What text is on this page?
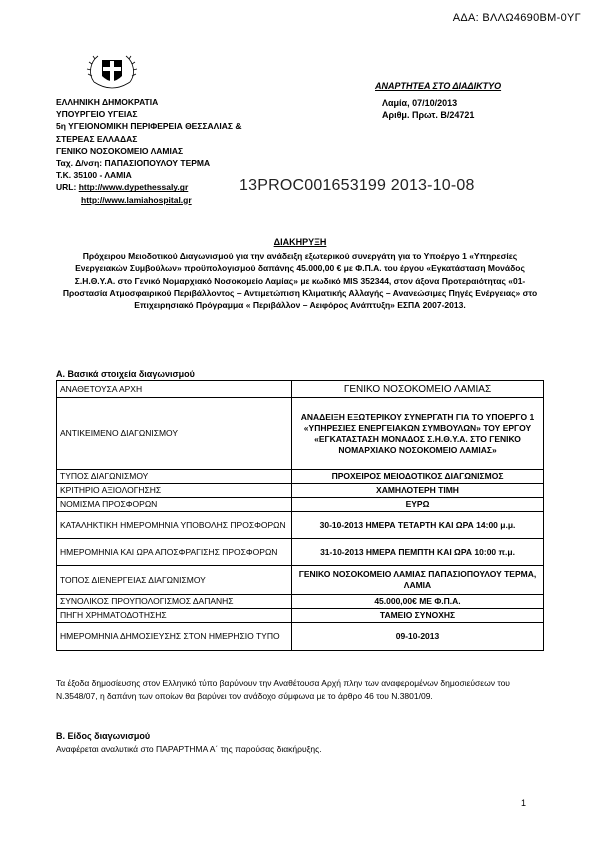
ΑΔΑ: ΒΛΛΩ4690ΒΜ-0ΥΓ
ΑΝΑΡΤΗΤΕΑ ΣΤΟ ΔΙΑΔΙΚΤΥΟ
Λαμία, 07/10/2013
Αριθμ. Πρωτ. Β/24721
ΕΛΛΗΝΙΚΗ ΔΗΜΟΚΡΑΤΙΑ
ΥΠΟΥΡΓΕΙΟ ΥΓΕΙΑΣ
5η ΥΓΕΙΟΝΟΜΙΚΗ ΠΕΡΙΦΕΡΕΙΑ ΘΕΣΣΑΛΙΑΣ &
ΣΤΕΡΕΑΣ ΕΛΛΑΔΑΣ
ΓΕΝΙΚΟ ΝΟΣΟΚΟΜΕΙΟ ΛΑΜΙΑΣ
Ταχ. Δ/νση: ΠΑΠΑΣΙΟΠΟΥΛΟΥ ΤΕΡΜΑ
Τ.Κ. 35100 - ΛΑΜΙΑ
URL: http://www.dypethessaly.gr
http://www.lamiahospital.gr
13PROC001653199 2013-10-08
ΔΙΑΚΗΡΥΞΗ
Πρόχειρου Μειοδοτικού Διαγωνισμού για την ανάδειξη εξωτερικού συνεργάτη για το Υποέργο 1 «Υπηρεσίες Ενεργειακών Συμβούλων» προϋπολογισμού δαπάνης 45.000,00 € με Φ.Π.Α. του έργου «Εγκατάσταση Μονάδος Σ.Η.Θ.Υ.Α. στο Γενικό Νομαρχιακό Νοσοκομείο Λαμίας» με κωδικό MIS 352344, στον άξονα Προτεραιότητας «01-Προστασία Ατμοσφαιρικού Περιβάλλοντος – Αντιμετώπιση Κλιματικής Αλλαγής – Ανανεώσιμες Πηγές Ενέργειας» στο Επιχειρησιακό Πρόγραμμα « Περιβάλλον – Αειφόρος Ανάπτυξη» ΕΣΠΑ 2007-2013.
Α. Βασικά στοιχεία διαγωνισμού
ΑΝΑΘΕΤΟΥΣΑ ΑΡΧΗ	ΓΕΝΙΚΟ ΝΟΣΟΚΟΜΕΙΟ ΛΑΜΙΑΣ
ΑΝΤΙΚΕΙΜΕΝΟ ΔΙΑΓΩΝΙΣΜΟΥ	ΑΝΑΔΕΙΞΗ ΕΞΩΤΕΡΙΚΟΥ ΣΥΝΕΡΓΑΤΗ ΓΙΑ ΤΟ ΥΠΟΕΡΓΟ 1 «ΥΠΗΡΕΣΙΕΣ ΕΝΕΡΓΕΙΑΚΩΝ ΣΥΜΒΟΥΛΩΝ» ΤΟΥ ΕΡΓΟΥ «ΕΓΚΑΤΑΣΤΑΣΗ ΜΟΝΑΔΟΣ Σ.Η.Θ.Υ.Α. ΣΤΟ ΓΕΝΙΚΟ ΝΟΜΑΡΧΙΑΚΟ ΝΟΣΟΚΟΜΕΙΟ ΛΑΜΙΑΣ»
ΤΥΠΟΣ ΔΙΑΓΩΝΙΣΜΟΥ	ΠΡΟΧΕΙΡΟΣ ΜΕΙΟΔΟΤΙΚΟΣ ΔΙΑΓΩΝΙΣΜΟΣ
ΚΡΙΤΗΡΙΟ ΑΞΙΟΛΟΓΗΣΗΣ	ΧΑΜΗΛΟΤΕΡΗ ΤΙΜΗ
ΝΟΜΙΣΜΑ ΠΡΟΣΦΟΡΩΝ	ΕΥΡΩ
ΚΑΤΑΛΗΚΤΙΚΗ ΗΜΕΡΟΜΗΝΙΑ ΥΠΟΒΟΛΗΣ ΠΡΟΣΦΟΡΩΝ	30-10-2013 ΗΜΕΡΑ ΤΕΤΑΡΤΗ ΚΑΙ ΩΡΑ 14:00 μ.μ.
ΗΜΕΡΟΜΗΝΙΑ ΚΑΙ ΩΡΑ ΑΠΟΣΦΡΑΓΙΣΗΣ ΠΡΟΣΦΟΡΩΝ	31-10-2013 ΗΜΕΡΑ ΠΕΜΠΤΗ ΚΑΙ ΩΡΑ 10:00 π.μ.
ΤΟΠΟΣ ΔΙΕΝΕΡΓΕΙΑΣ ΔΙΑΓΩΝΙΣΜΟΥ	ΓΕΝΙΚΟ ΝΟΣΟΚΟΜΕΙΟ ΛΑΜΙΑΣ ΠΑΠΑΣΙΟΠΟΥΛΟΥ ΤΕΡΜΑ, ΛΑΜΙΑ
ΣΥΝΟΛΙΚΟΣ ΠΡΟΥΠΟΛΟΓΙΣΜΟΣ ΔΑΠΑΝΗΣ	45.000,00€ ΜΕ Φ.Π.Α.
ΠΗΓΗ ΧΡΗΜΑΤΟΔΟΤΗΣΗΣ	ΤΑΜΕΙΟ ΣΥΝΟΧΗΣ
ΗΜΕΡΟΜΗΝΙΑ ΔΗΜΟΣΙΕΥΣΗΣ ΣΤΟΝ ΗΜΕΡΗΣΙΟ ΤΥΠΟ	09-10-2013
Τα έξοδα δημοσίευσης στον Ελληνικό τύπο βαρύνουν την Αναθέτουσα Αρχή πλην των αναφερομένων δημοσιεύσεων του Ν.3548/07, η δαπάνη των οποίων θα βαρύνει τον ανάδοχο σύμφωνα με το άρθρο 46 του Ν.3801/09.
Β. Είδος διαγωνισμού
Αναφέρεται αναλυτικά στο ΠΑΡΑΡΤΗΜΑ Α΄ της παρούσας διακήρυξης.
1
